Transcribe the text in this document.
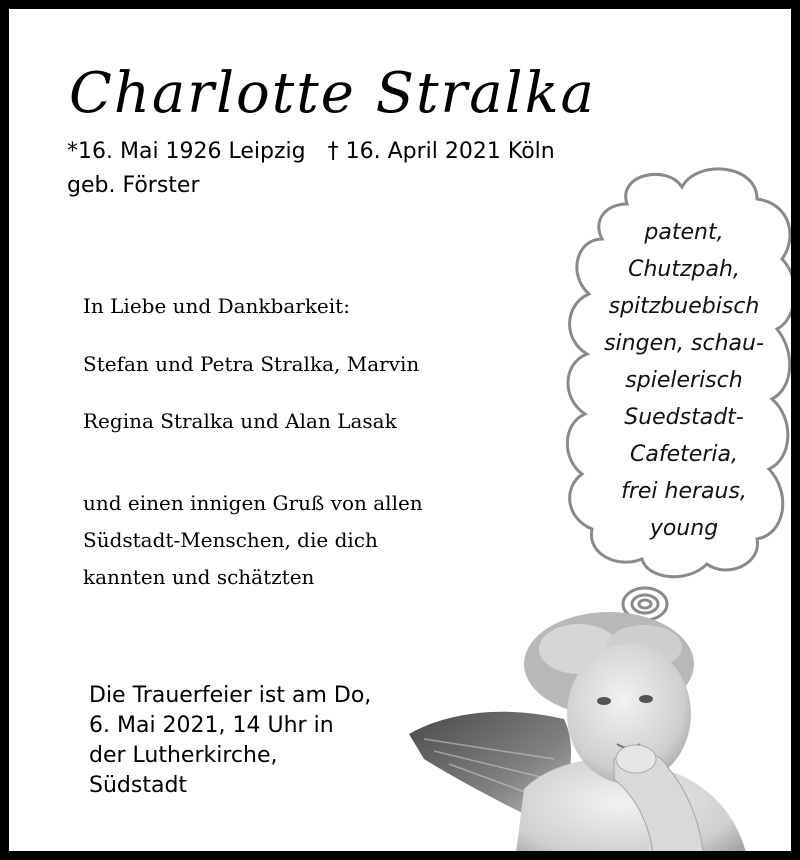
Charlotte Stralka
*16. Mai 1926 Leipzig † 16. April 2021 Köln
geb. Förster
In Liebe und Dankbarkeit:
Stefan und Petra Stralka, Marvin
Regina Stralka und Alan Lasak
und einen innigen Gruß von allen
Südstadt-Menschen, die dich
kannten und schätzten
patent,
Chutzpah,
spitzbuebisch
singen, schau-
spielerisch
Suedstadt-
Cafeteria,
frei heraus,
young
Die Trauerfeier ist am Do,
6. Mai 2021, 14 Uhr in
der Lutherkirche,
Südstadt
